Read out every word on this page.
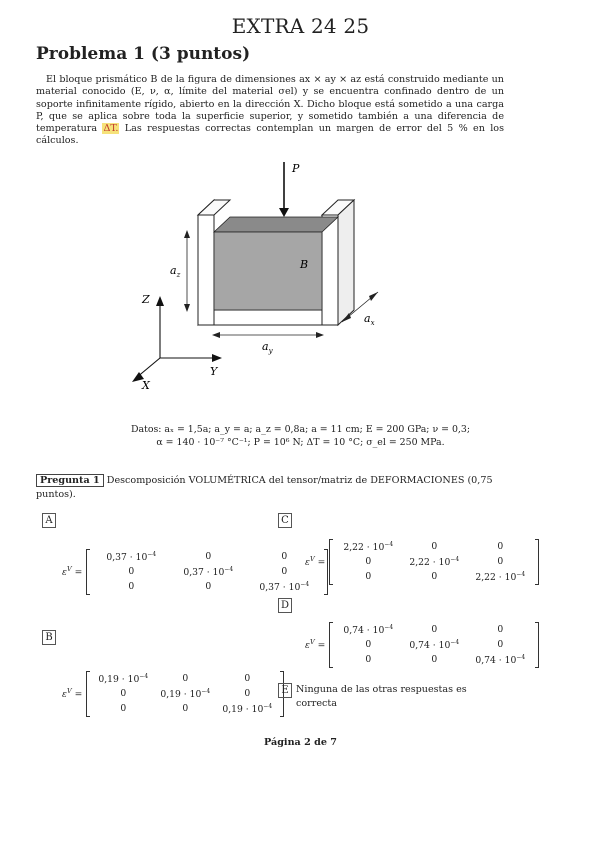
EXTRA 24 25
Problema 1 (3 puntos)
El bloque prismático B de la figura de dimensiones ax × ay × az está construido mediante un material conocido (E, ν, α, límite del material σel) y se encuentra confinado dentro de un soporte infinitamente rígido, abierto en la dirección X. Dicho bloque está sometido a una carga P, que se aplica sobre toda la superficie superior, y sometido también a una diferencia de temperatura ΔT. Las respuestas correctas contemplan un margen de error del 5 % en los cálculos.
B
P
$a_z$
$a_y$
$a_x$
Z
Y
X
Datos: aₓ = 1,5a; a_y = a; a_z = 0,8a; a = 11 cm; E = 200 GPa; ν = 0,3;
α = 140 · 10⁻⁷ °C⁻¹; P = 10⁶ N; ΔT = 10 °C; σ_el = 250 MPa.
Pregunta 1 Descomposición VOLUMÉTRICA del tensor/matriz de DEFORMACIONES (0,75 puntos).
A
$\varepsilon^V$ =
$0,37 \cdot 10^{-4}$	0	0
0	$0,37 \cdot 10^{-4}$	0
0	0	$0,37 \cdot 10^{-4}$
C
$\varepsilon^V$ =
$2,22 \cdot 10^{-4}$	0	0
0	$2,22 \cdot 10^{-4}$	0
0	0	$2,22 \cdot 10^{-4}$
D
$\varepsilon^V$ =
$0,74 \cdot 10^{-4}$	0	0
0	$0,74 \cdot 10^{-4}$	0
0	0	$0,74 \cdot 10^{-4}$
B
$\varepsilon^V$ =
$0,19 \cdot 10^{-4}$	0	0
0	$0,19 \cdot 10^{-4}$	0
0	0	$0,19 \cdot 10^{-4}$
E Ninguna de las otras respuestas es correcta
Página 2 de 7
